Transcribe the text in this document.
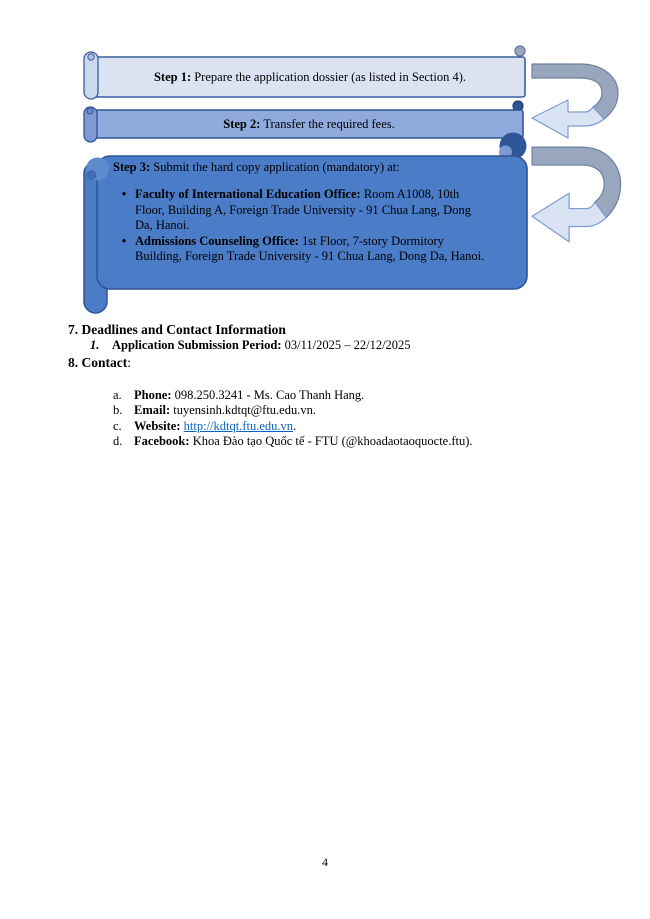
Step 1: Prepare the application dossier (as listed in Section 4).
Step 2: Transfer the required fees.
Step 3: Submit the hard copy application (mandatory) at:
• Faculty of International Education Office: Room A1008, 10th Floor, Building A, Foreign Trade University - 91 Chua Lang, Dong Da, Hanoi.
• Admissions Counseling Office: 1st Floor, 7-story Dormitory Building, Foreign Trade University - 91 Chua Lang, Dong Da, Hanoi.
7. Deadlines and Contact Information
1. Application Submission Period: 03/11/2025 – 22/12/2025
8. Contact:
a. Phone: 098.250.3241 - Ms. Cao Thanh Hang.
b. Email: tuyensinh.kdtqt@ftu.edu.vn.
c. Website: http://kdtqt.ftu.edu.vn.
d. Facebook: Khoa Đào tạo Quốc tế - FTU (@khoadaotaoquocte.ftu).
4
